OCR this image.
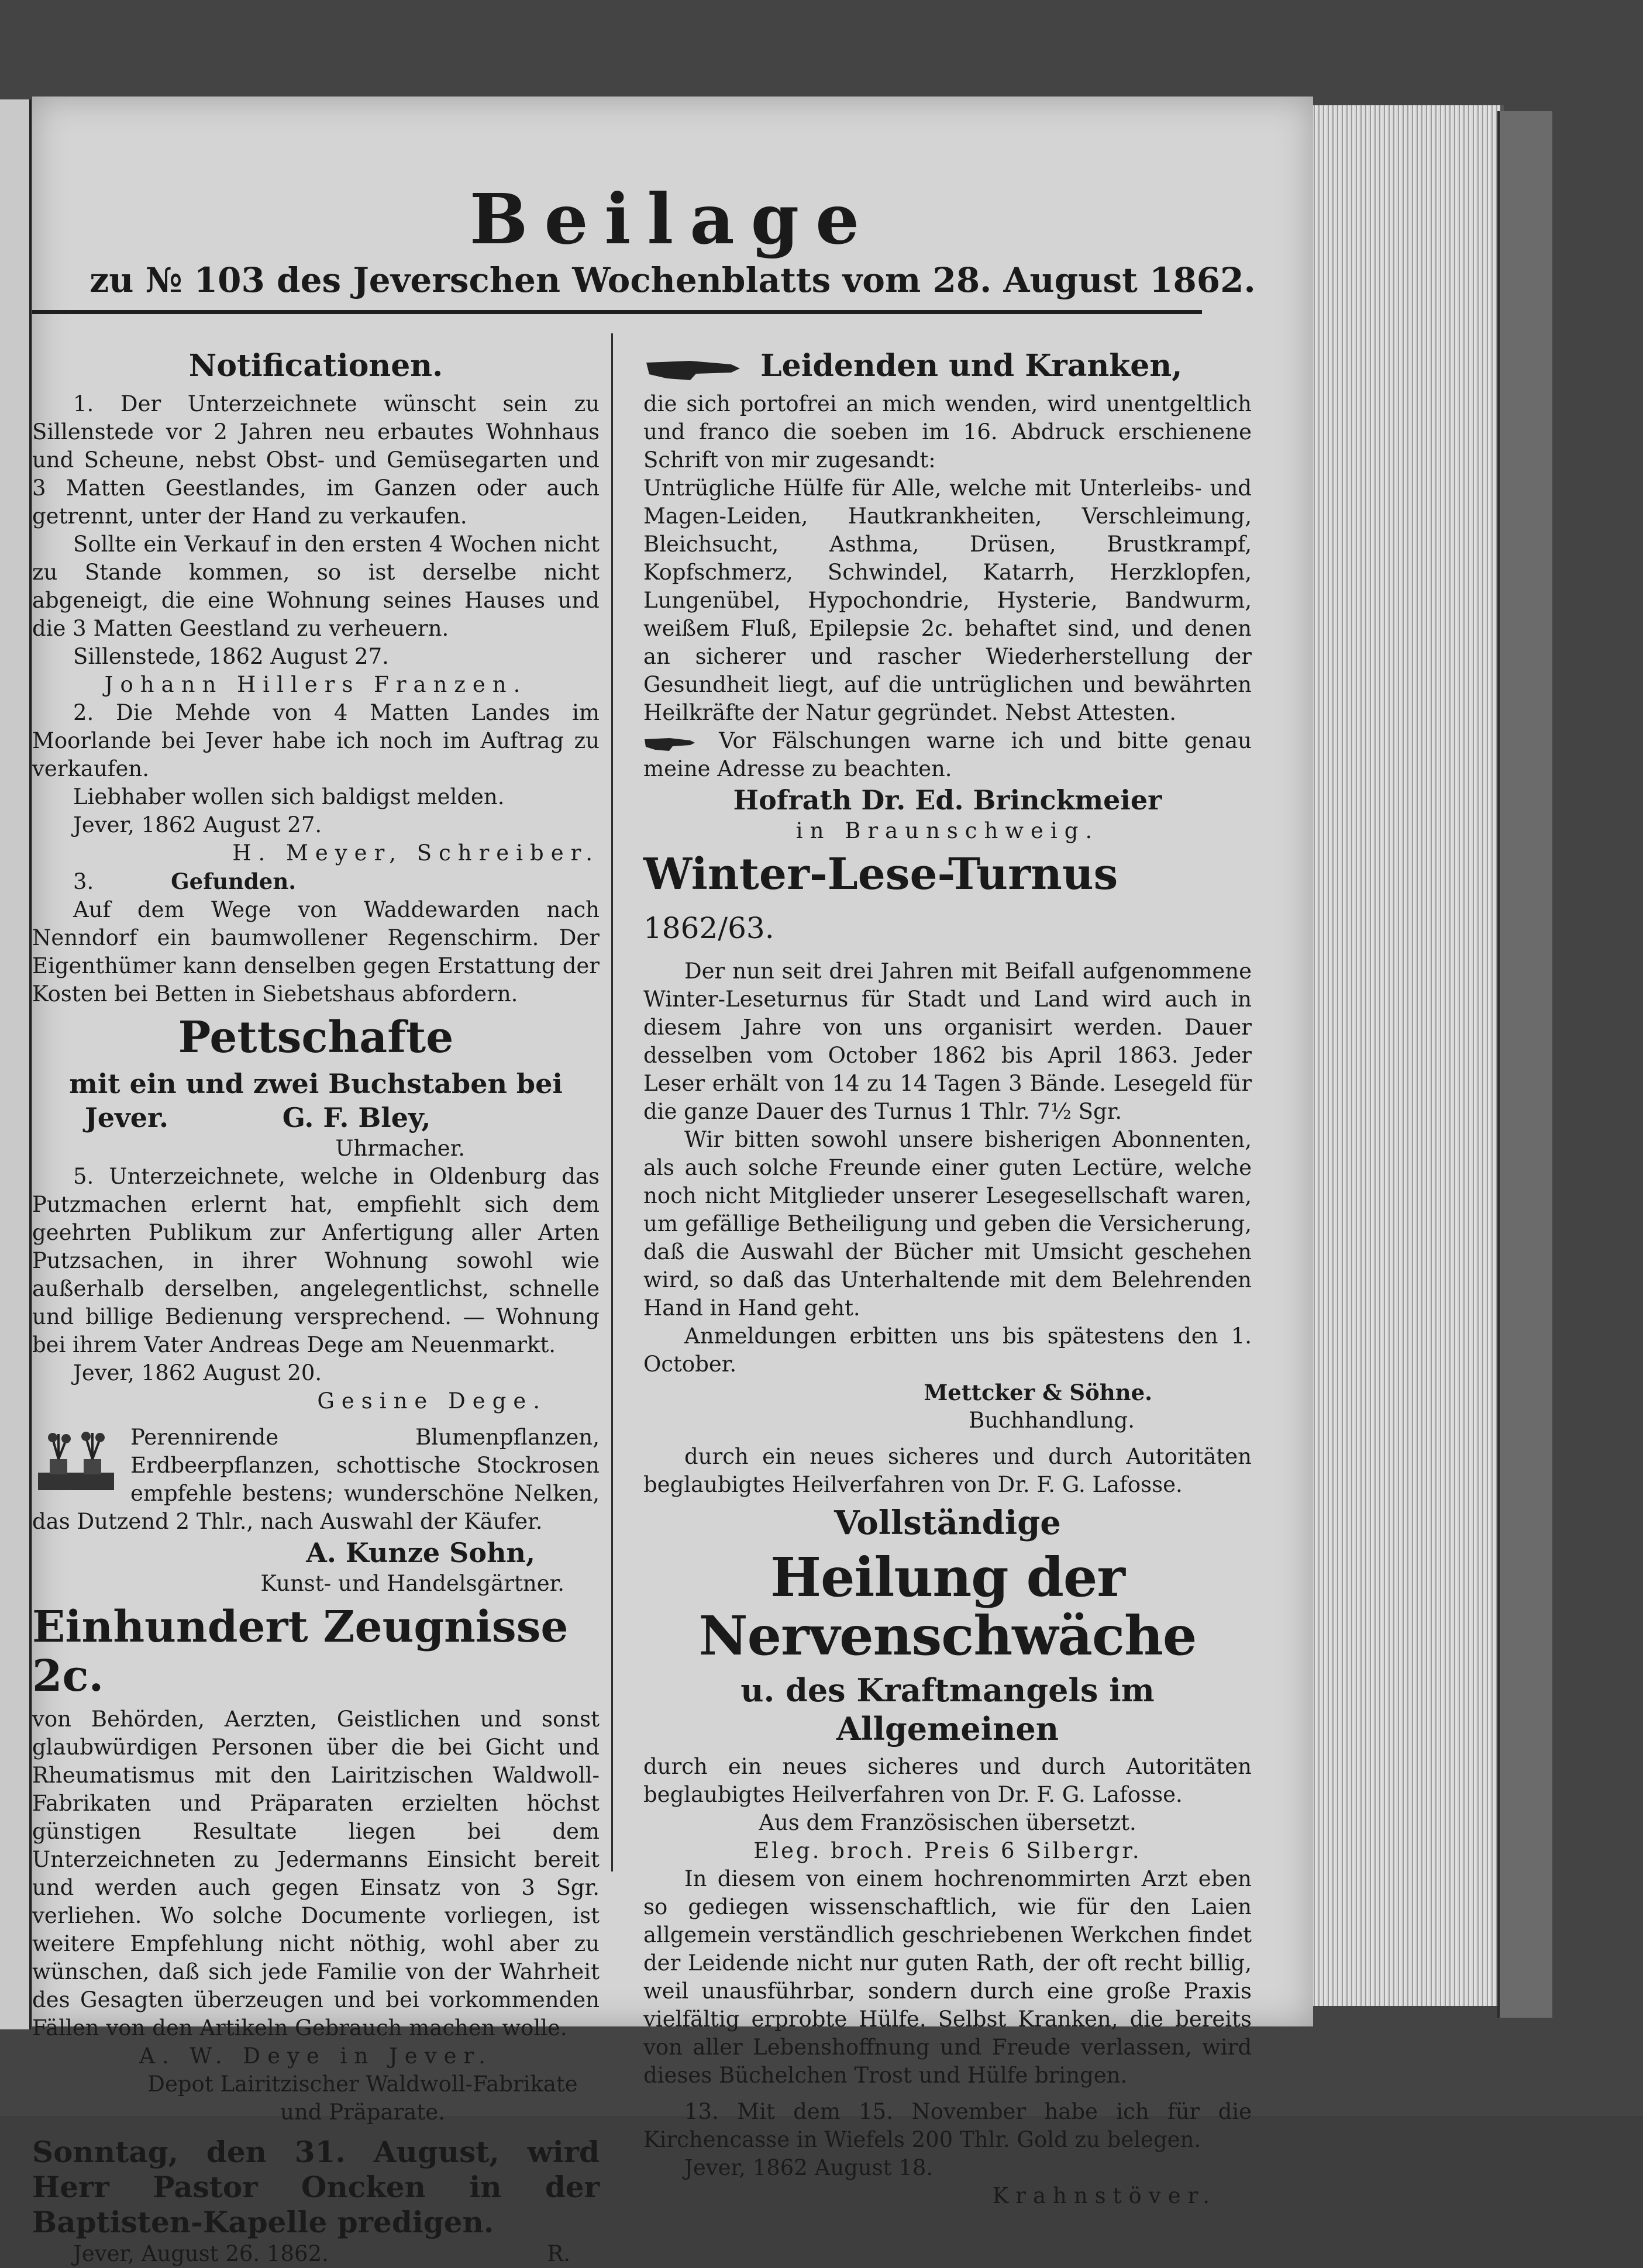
Beilage
zu № 103 des Jeverschen Wochenblatts vom 28. August 1862.
Notificationen.

1. Der Unterzeichnete wünscht sein zu Sillenstede vor 2 Jahren neu erbautes Wohnhaus und Scheune, nebst Obst- und Gemüsegarten und 3 Matten Geestlandes, im Ganzen oder auch getrennt, unter der Hand zu verkaufen.

Sollte ein Verkauf in den ersten 4 Wochen nicht zu Stande kommen, so ist derselbe nicht abgeneigt, die eine Wohnung seines Hauses und die 3 Matten Geestland zu verheuern.

Sillenstede, 1862 August 27.

Johann Hillers Franzen.

2. Die Mehde von 4 Matten Landes im Moorlande bei Jever habe ich noch im Auftrag zu verkaufen.

Liebhaber wollen sich baldigst melden.

Jever, 1862 August 27.

H. Meyer, Schreiber.

3.	Gefunden.

Auf dem Wege von Waddewarden nach Nenndorf ein baumwollener Regenschirm. Der Eigenthümer kann denselben gegen Erstattung der Kosten bei Betten in Siebetshaus abfordern.

Pettschafte

mit ein und zwei Buchstaben bei

Jever.	G. F. Bley,

Uhrmacher.

5. Unterzeichnete, welche in Oldenburg das Putzmachen erlernt hat, empfiehlt sich dem geehrten Publikum zur Anfertigung aller Arten Putzsachen, in ihrer Wohnung sowohl wie außerhalb derselben, angelegentlichst, schnelle und billige Bedienung versprechend. — Wohnung bei ihrem Vater Andreas Dege am Neuenmarkt.

Jever, 1862 August 20.

Gesine Dege.

Perennirende Blumenpflanzen, Erdbeerpflanzen, schottische Stockrosen empfehle bestens; wunderschöne Nelken, das Dutzend 2 Thlr., nach Auswahl der Käufer.

A. Kunze Sohn,

Kunst- und Handelsgärtner.

Einhundert Zeugnisse 2c.

von Behörden, Aerzten, Geistlichen und sonst glaubwürdigen Personen über die bei Gicht und Rheumatismus mit den Lairitzischen Waldwoll-Fabrikaten und Präparaten erzielten höchst günstigen Resultate liegen bei dem Unterzeichneten zu Jedermanns Einsicht bereit und werden auch gegen Einsatz von 3 Sgr. verliehen. Wo solche Documente vorliegen, ist weitere Empfehlung nicht nöthig, wohl aber zu wünschen, daß sich jede Familie von der Wahrheit des Gesagten überzeugen und bei vorkommenden Fällen von den Artikeln Gebrauch machen wolle.

A. W. Deye in Jever.

Depot Lairitzischer Waldwoll-Fabrikate und Präparate.

Sonntag, den 31. August, wird Herr Pastor Oncken in der Baptisten-Kapelle predigen.

Jever, August 26. 1862.	R.

Leidenden und Kranken,

die sich portofrei an mich wenden, wird unentgeltlich und franco die soeben im 16. Abdruck erschienene Schrift von mir zugesandt:

Untrügliche Hülfe für Alle, welche mit Unterleibs- und Magen-Leiden, Hautkrankheiten, Verschleimung, Bleichsucht, Asthma, Drüsen, Brustkrampf, Kopfschmerz, Schwindel, Katarrh, Herzklopfen, Lungenübel, Hypochondrie, Hysterie, Bandwurm, weißem Fluß, Epilepsie 2c. behaftet sind, und denen an sicherer und rascher Wiederherstellung der Gesundheit liegt, auf die untrüglichen und bewährten Heilkräfte der Natur gegründet. Nebst Attesten.

Vor Fälschungen warne ich und bitte genau meine Adresse zu beachten.

Hofrath Dr. Ed. Brinckmeier

in Braunschweig.

Winter-Lese-Turnus 1862/63.

Der nun seit drei Jahren mit Beifall aufgenommene Winter-Leseturnus für Stadt und Land wird auch in diesem Jahre von uns organisirt werden. Dauer desselben vom October 1862 bis April 1863. Jeder Leser erhält von 14 zu 14 Tagen 3 Bände. Lesegeld für die ganze Dauer des Turnus 1 Thlr. 7½ Sgr.

Wir bitten sowohl unsere bisherigen Abonnenten, als auch solche Freunde einer guten Lectüre, welche noch nicht Mitglieder unserer Lesegesellschaft waren, um gefällige Betheiligung und geben die Versicherung, daß die Auswahl der Bücher mit Umsicht geschehen wird, so daß das Unterhaltende mit dem Belehrenden Hand in Hand geht.

Anmeldungen erbitten uns bis spätestens den 1. October.

Mettcker & Söhne.

Buchhandlung.

durch ein neues sicheres und durch Autoritäten beglaubigtes Heilverfahren von Dr. F. G. Lafosse.

Vollständige
Heilung der Nervenschwäche
u. des Kraftmangels im Allgemeinen

durch ein neues sicheres und durch Autoritäten beglaubigtes Heilverfahren von Dr. F. G. Lafosse.

Aus dem Französischen übersetzt.

Eleg. broch. Preis 6 Silbergr.

In diesem von einem hochrenommirten Arzt eben so gediegen wissenschaftlich, wie für den Laien allgemein verständlich geschriebenen Werkchen findet der Leidende nicht nur guten Rath, der oft recht billig, weil unausführbar, sondern durch eine große Praxis vielfältig erprobte Hülfe. Selbst Kranken, die bereits von aller Lebenshoffnung und Freude verlassen, wird dieses Büchelchen Trost und Hülfe bringen.

13. Mit dem 15. November habe ich für die Kirchencasse in Wiefels 200 Thlr. Gold zu belegen.

Jever, 1862 August 18.

Krahnstöver.
